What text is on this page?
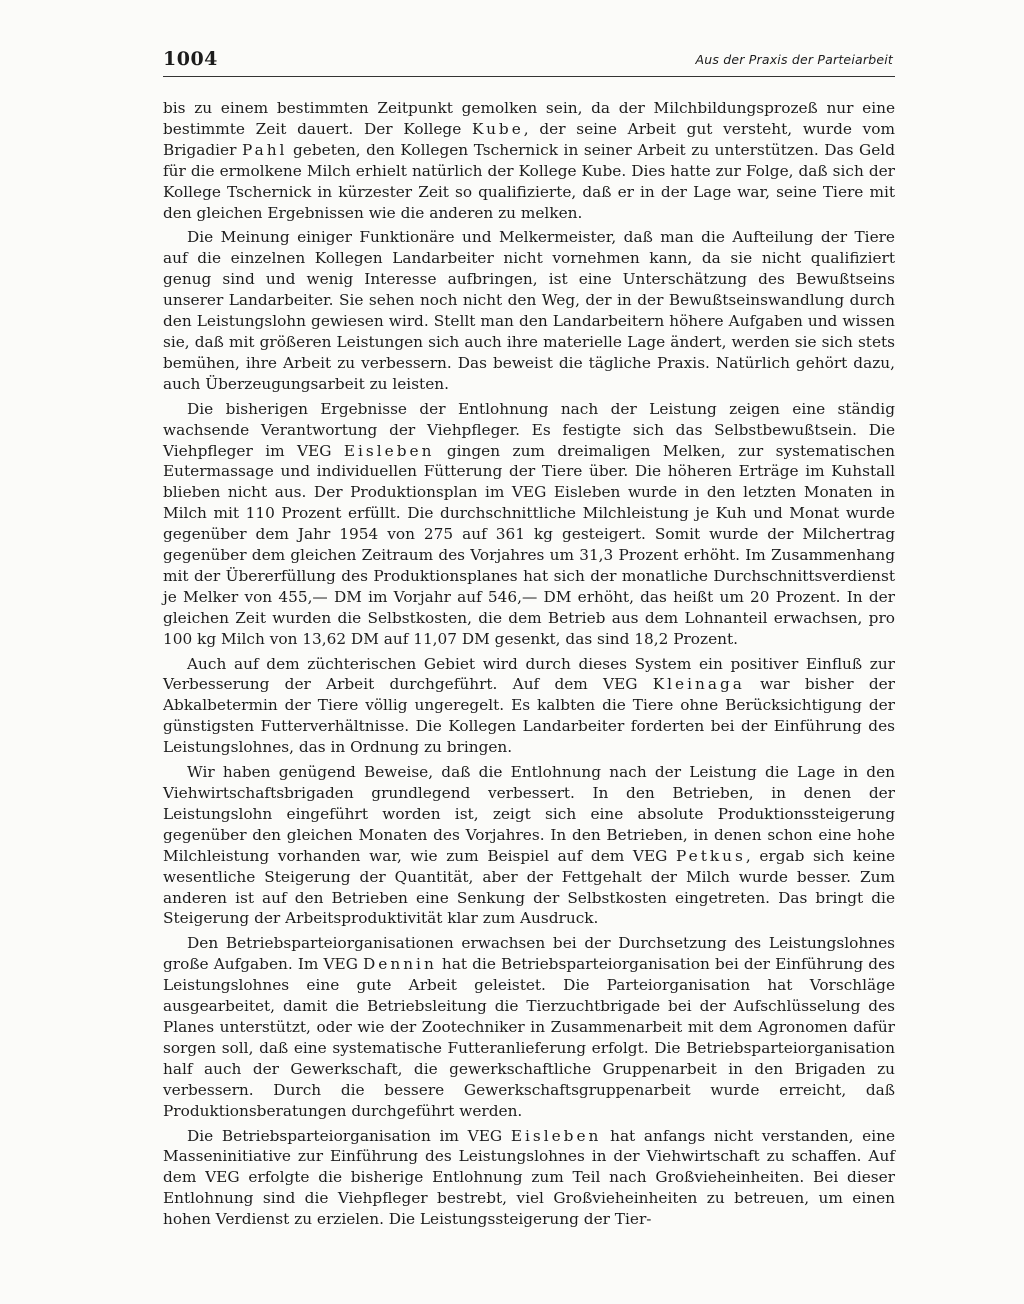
1004	Aus der Praxis der Parteiarbeit

bis zu einem bestimmten Zeitpunkt gemolken sein, da der Milchbildungsprozeß nur eine bestimmte Zeit dauert. Der Kollege Kube, der seine Arbeit gut versteht, wurde vom Brigadier Pahl gebeten, den Kollegen Tschernick in seiner Arbeit zu unterstützen. Das Geld für die ermolkene Milch erhielt natürlich der Kollege Kube. Dies hatte zur Folge, daß sich der Kollege Tschernick in kürzester Zeit so qualifizierte, daß er in der Lage war, seine Tiere mit den gleichen Ergebnissen wie die anderen zu melken.

Die Meinung einiger Funktionäre und Melkermeister, daß man die Aufteilung der Tiere auf die einzelnen Kollegen Landarbeiter nicht vornehmen kann, da sie nicht qualifiziert genug sind und wenig Interesse aufbringen, ist eine Unterschätzung des Bewußtseins unserer Landarbeiter. Sie sehen noch nicht den Weg, der in der Bewußtseinswandlung durch den Leistungslohn gewiesen wird. Stellt man den Landarbeitern höhere Aufgaben und wissen sie, daß mit größeren Leistungen sich auch ihre materielle Lage ändert, werden sie sich stets bemühen, ihre Arbeit zu verbessern. Das beweist die tägliche Praxis. Natürlich gehört dazu, auch Überzeugungsarbeit zu leisten.

Die bisherigen Ergebnisse der Entlohnung nach der Leistung zeigen eine ständig wachsende Verantwortung der Viehpfleger. Es festigte sich das Selbstbewußtsein. Die Viehpfleger im VEG Eisleben gingen zum dreimaligen Melken, zur systematischen Eutermassage und individuellen Fütterung der Tiere über. Die höheren Erträge im Kuhstall blieben nicht aus. Der Produktionsplan im VEG Eisleben wurde in den letzten Monaten in Milch mit 110 Prozent erfüllt. Die durchschnittliche Milchleistung je Kuh und Monat wurde gegenüber dem Jahr 1954 von 275 auf 361 kg gesteigert. Somit wurde der Milchertrag gegenüber dem gleichen Zeitraum des Vorjahres um 31,3 Prozent erhöht. Im Zusammenhang mit der Übererfüllung des Produktionsplanes hat sich der monatliche Durchschnittsverdienst je Melker von 455,— DM im Vorjahr auf 546,— DM erhöht, das heißt um 20 Prozent. In der gleichen Zeit wurden die Selbstkosten, die dem Betrieb aus dem Lohnanteil erwachsen, pro 100 kg Milch von 13,62 DM auf 11,07 DM gesenkt, das sind 18,2 Prozent.

Auch auf dem züchterischen Gebiet wird durch dieses System ein positiver Einfluß zur Verbesserung der Arbeit durchgeführt. Auf dem VEG Kleinaga war bisher der Abkalbetermin der Tiere völlig ungeregelt. Es kalbten die Tiere ohne Berücksichtigung der günstigsten Futterverhältnisse. Die Kollegen Landarbeiter forderten bei der Einführung des Leistungslohnes, das in Ordnung zu bringen.

Wir haben genügend Beweise, daß die Entlohnung nach der Leistung die Lage in den Viehwirtschaftsbrigaden grundlegend verbessert. In den Betrieben, in denen der Leistungslohn eingeführt worden ist, zeigt sich eine absolute Produktionssteigerung gegenüber den gleichen Monaten des Vorjahres. In den Betrieben, in denen schon eine hohe Milchleistung vorhanden war, wie zum Beispiel auf dem VEG Petkus, ergab sich keine wesentliche Steigerung der Quantität, aber der Fettgehalt der Milch wurde besser. Zum anderen ist auf den Betrieben eine Senkung der Selbstkosten eingetreten. Das bringt die Steigerung der Arbeitsproduktivität klar zum Ausdruck.

Den Betriebsparteiorganisationen erwachsen bei der Durchsetzung des Leistungslohnes große Aufgaben. Im VEG Dennin hat die Betriebsparteiorganisation bei der Einführung des Leistungslohnes eine gute Arbeit geleistet. Die Parteiorganisation hat Vorschläge ausgearbeitet, damit die Betriebsleitung die Tierzuchtbrigade bei der Aufschlüsselung des Planes unterstützt, oder wie der Zootechniker in Zusammenarbeit mit dem Agronomen dafür sorgen soll, daß eine systematische Futteranlieferung erfolgt. Die Betriebsparteiorganisation half auch der Gewerkschaft, die gewerkschaftliche Gruppenarbeit in den Brigaden zu verbessern. Durch die bessere Gewerkschaftsgruppenarbeit wurde erreicht, daß Produktionsberatungen durchgeführt werden.

Die Betriebsparteiorganisation im VEG Eisleben hat anfangs nicht verstanden, eine Masseninitiative zur Einführung des Leistungslohnes in der Viehwirtschaft zu schaffen. Auf dem VEG erfolgte die bisherige Entlohnung zum Teil nach Großvieheinheiten. Bei dieser Entlohnung sind die Viehpfleger bestrebt, viel Großvieheinheiten zu betreuen, um einen hohen Verdienst zu erzielen. Die Leistungssteigerung der Tier-
